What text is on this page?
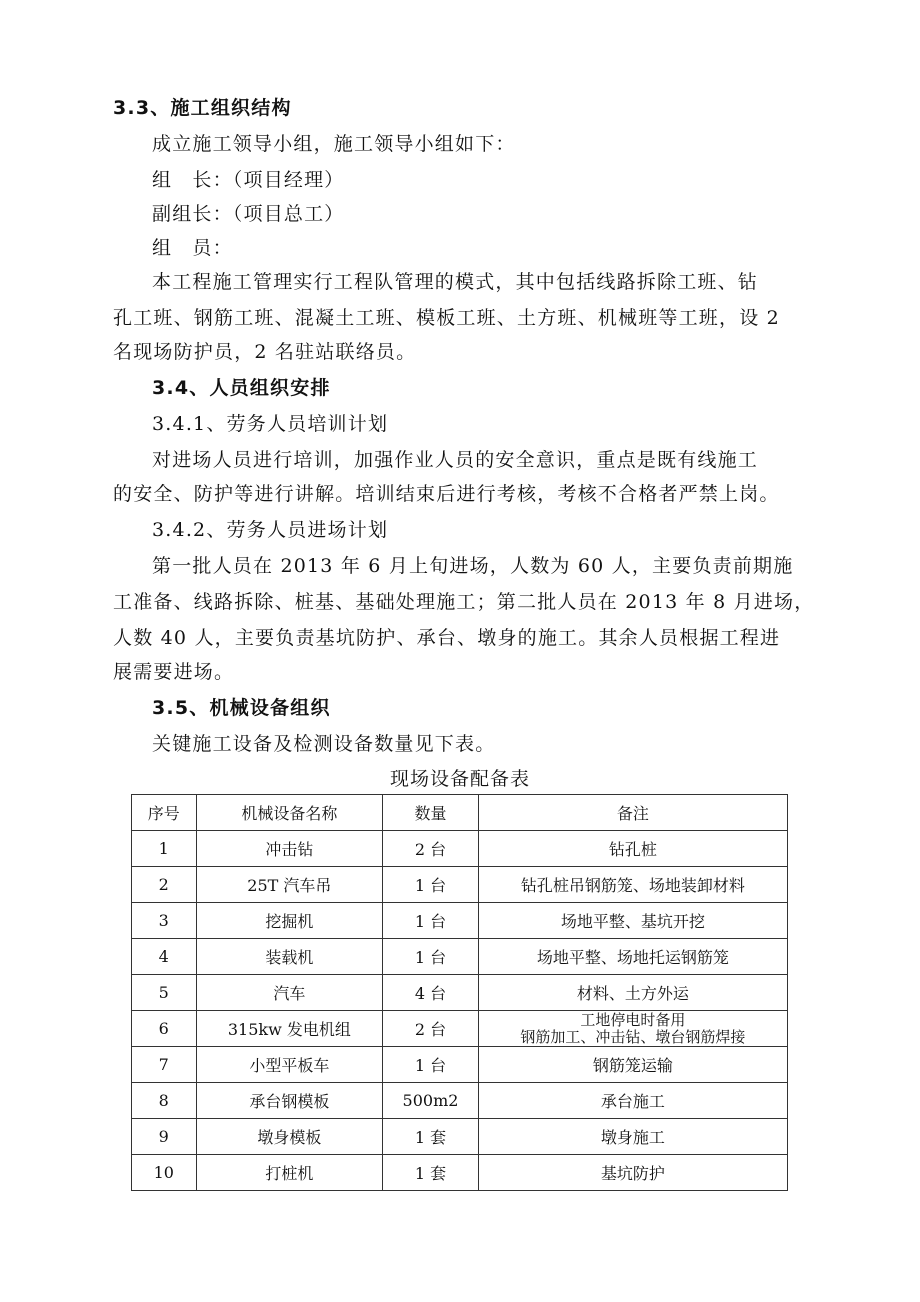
3.3、施工组织结构
成立施工领导小组，施工领导小组如下：
组　长：（项目经理）
副组长：（项目总工）
组　员：
本工程施工管理实行工程队管理的模式，其中包括线路拆除工班、钻
孔工班、钢筋工班、混凝土工班、模板工班、土方班、机械班等工班，设 2
名现场防护员，2 名驻站联络员。
3.4、人员组织安排
3.4.1、劳务人员培训计划
对进场人员进行培训，加强作业人员的安全意识，重点是既有线施工
的安全、防护等进行讲解。培训结束后进行考核，考核不合格者严禁上岗。
3.4.2、劳务人员进场计划
第一批人员在 2013 年 6 月上旬进场，人数为 60 人，主要负责前期施
工准备、线路拆除、桩基、基础处理施工；第二批人员在 2013 年 8 月进场，
人数 40 人，主要负责基坑防护、承台、墩身的施工。其余人员根据工程进
展需要进场。
3.5、机械设备组织
关键施工设备及检测设备数量见下表。
现场设备配备表
序号	机械设备名称	数量	备注
1	冲击钻	2 台	钻孔桩
2	25T 汽车吊	1 台	钻孔桩吊钢筋笼、场地装卸材料
3	挖掘机	1 台	场地平整、基坑开挖
4	装载机	1 台	场地平整、场地托运钢筋笼
5	汽车	4 台	材料、土方外运
6	315kw 发电机组	2 台	工地停电时备用
钢筋加工、冲击钻、墩台钢筋焊接

7	小型平板车	1 台	钢筋笼运输
8	承台钢模板	500m2	承台施工
9	墩身模板	1 套	墩身施工
10	打桩机	1 套	基坑防护
